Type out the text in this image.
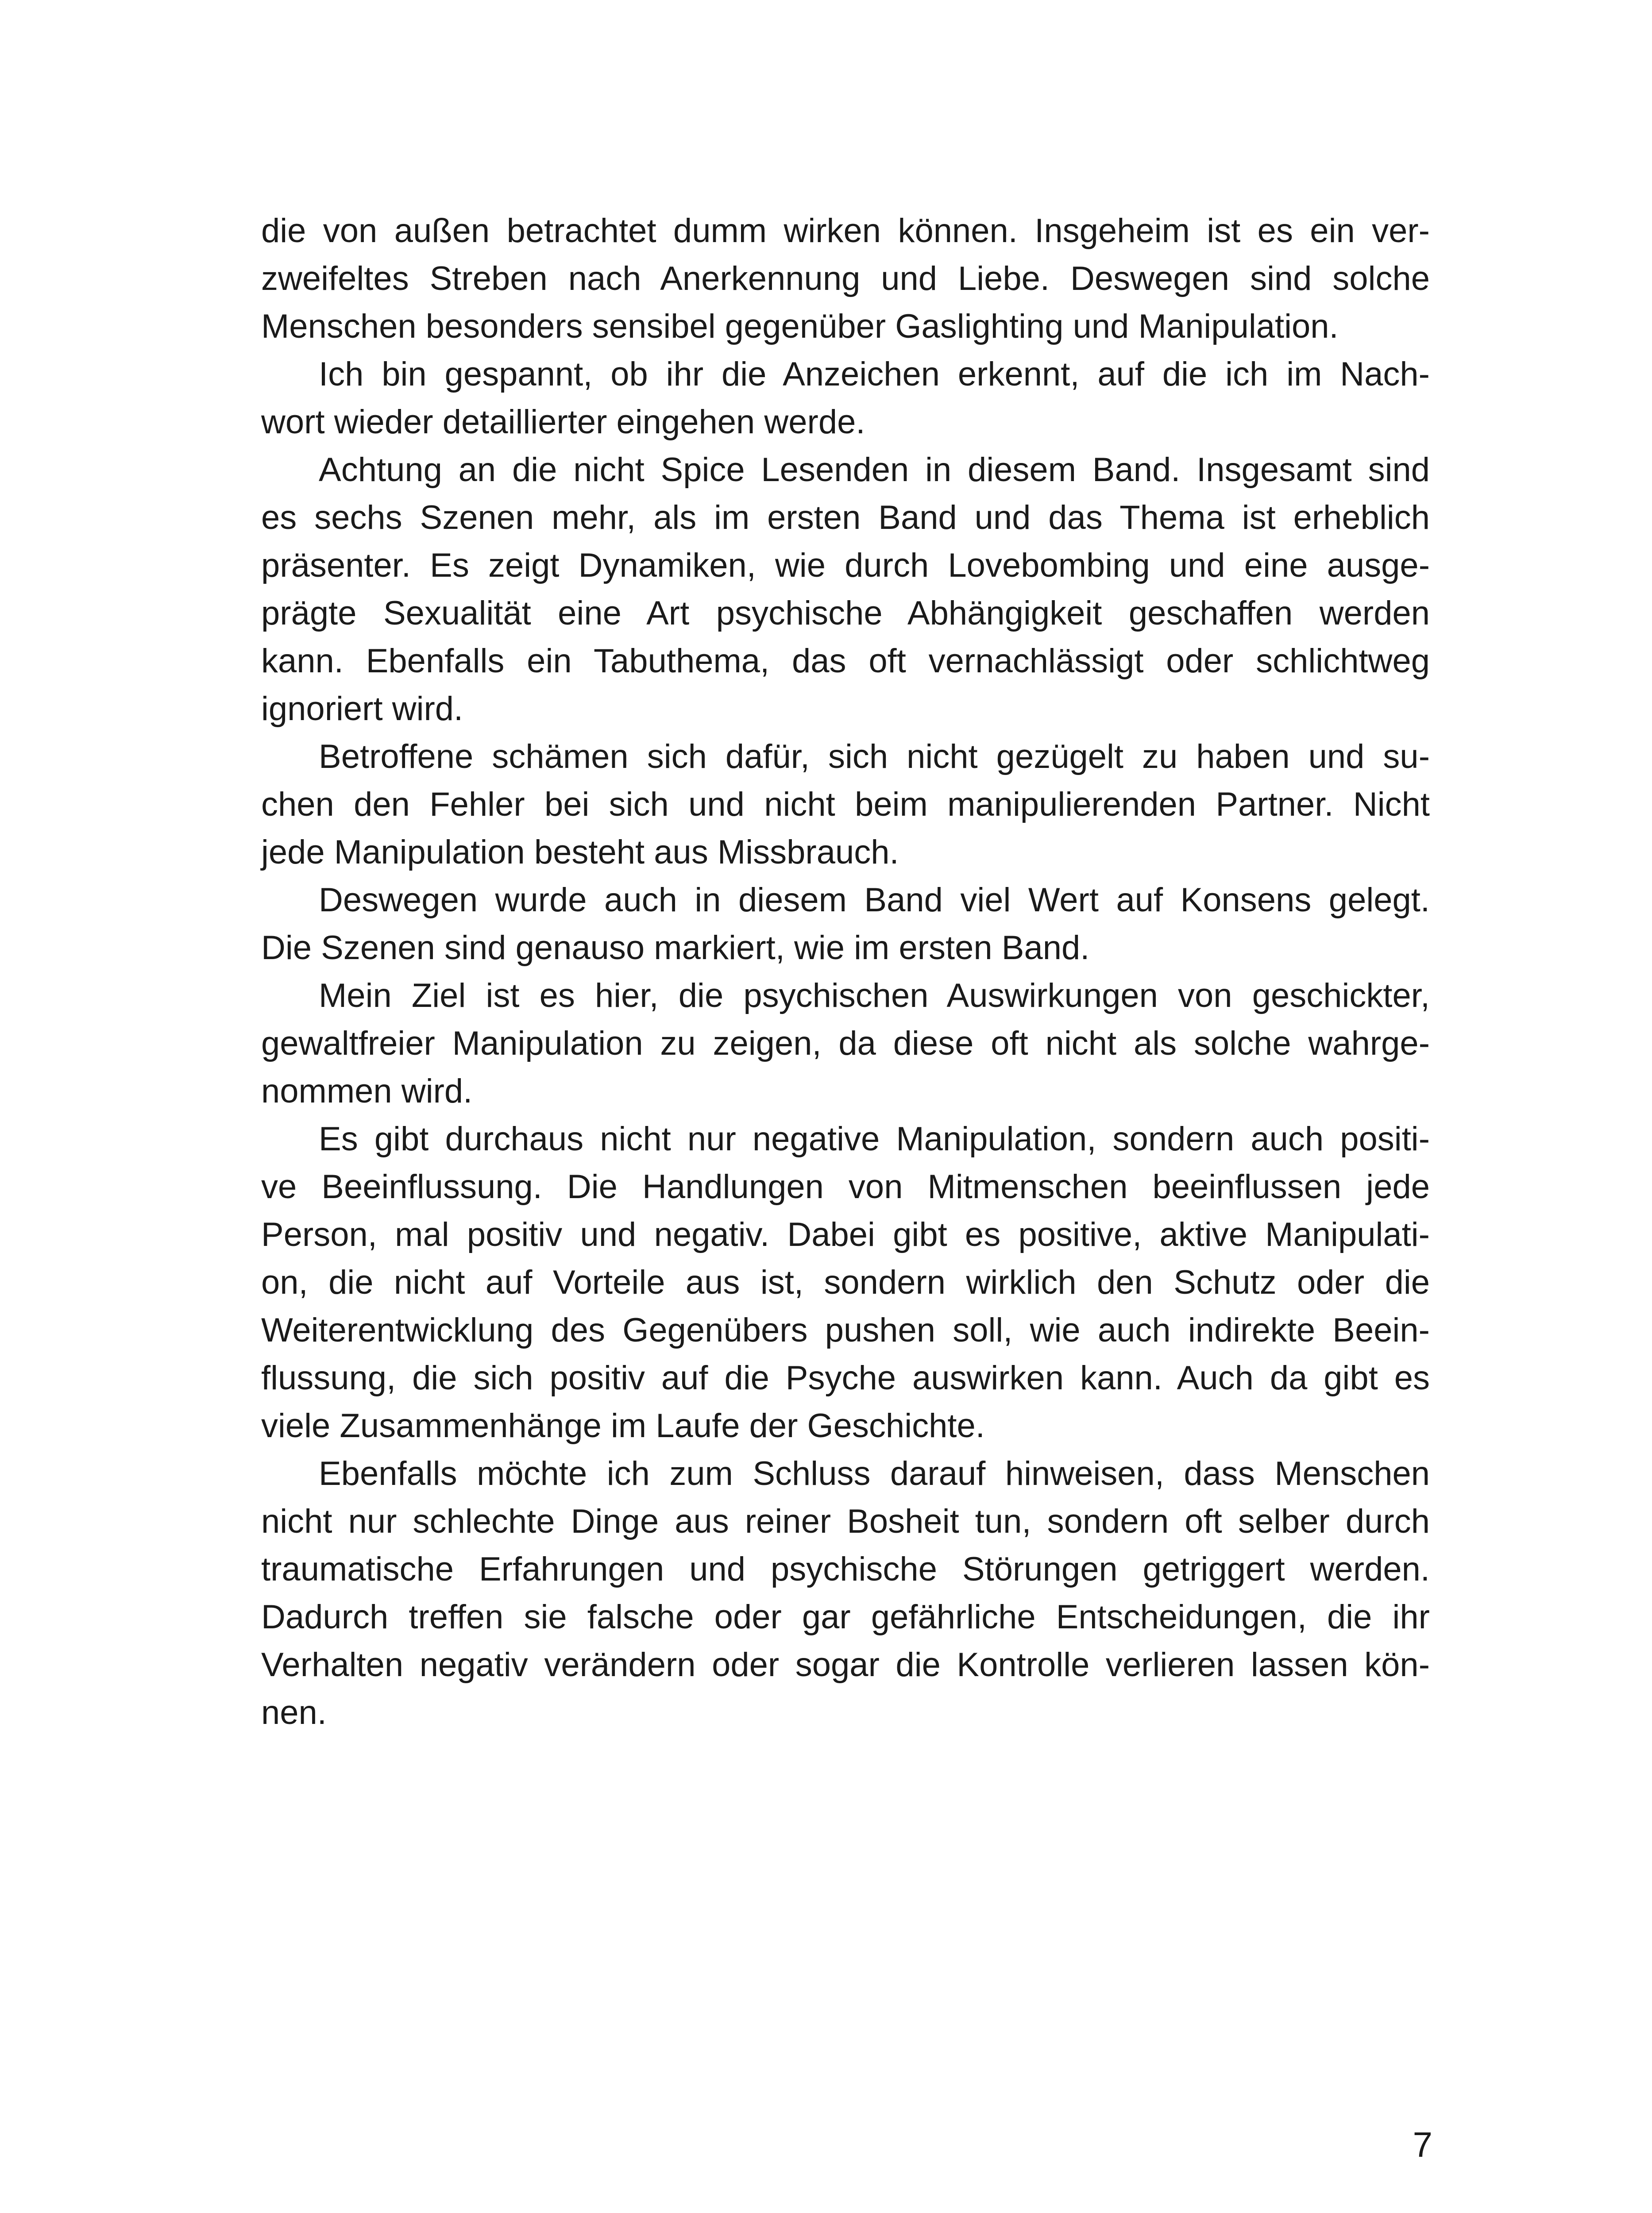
die von außen betrachtet dumm wirken können. Insgeheim ist es ein ver-
zweifeltes Streben nach Anerkennung und Liebe. Deswegen sind solche
Menschen besonders sensibel gegenüber Gaslighting und Manipulation.
Ich bin gespannt, ob ihr die Anzeichen erkennt, auf die ich im Nach-
wort wieder detaillierter eingehen werde.
Achtung an die nicht Spice Lesenden in diesem Band. Insgesamt sind
es sechs Szenen mehr, als im ersten Band und das Thema ist erheblich
präsenter. Es zeigt Dynamiken, wie durch Lovebombing und eine ausge-
prägte Sexualität eine Art psychische Abhängigkeit geschaffen werden
kann. Ebenfalls ein Tabuthema, das oft vernachlässigt oder schlichtweg
ignoriert wird.
Betroffene schämen sich dafür, sich nicht gezügelt zu haben und su-
chen den Fehler bei sich und nicht beim manipulierenden Partner. Nicht
jede Manipulation besteht aus Missbrauch.
Deswegen wurde auch in diesem Band viel Wert auf Konsens gelegt.
Die Szenen sind genauso markiert, wie im ersten Band.
Mein Ziel ist es hier, die psychischen Auswirkungen von geschickter,
gewaltfreier Manipulation zu zeigen, da diese oft nicht als solche wahrge-
nommen wird.
Es gibt durchaus nicht nur negative Manipulation, sondern auch positi-
ve Beeinflussung. Die Handlungen von Mitmenschen beeinflussen jede
Person, mal positiv und negativ. Dabei gibt es positive, aktive Manipulati-
on, die nicht auf Vorteile aus ist, sondern wirklich den Schutz oder die
Weiterentwicklung des Gegenübers pushen soll, wie auch indirekte Beein-
flussung, die sich positiv auf die Psyche auswirken kann. Auch da gibt es
viele Zusammenhänge im Laufe der Geschichte.
Ebenfalls möchte ich zum Schluss darauf hinweisen, dass Menschen
nicht nur schlechte Dinge aus reiner Bosheit tun, sondern oft selber durch
traumatische Erfahrungen und psychische Störungen getriggert werden.
Dadurch treffen sie falsche oder gar gefährliche Entscheidungen, die ihr
Verhalten negativ verändern oder sogar die Kontrolle verlieren lassen kön-
nen.
7
